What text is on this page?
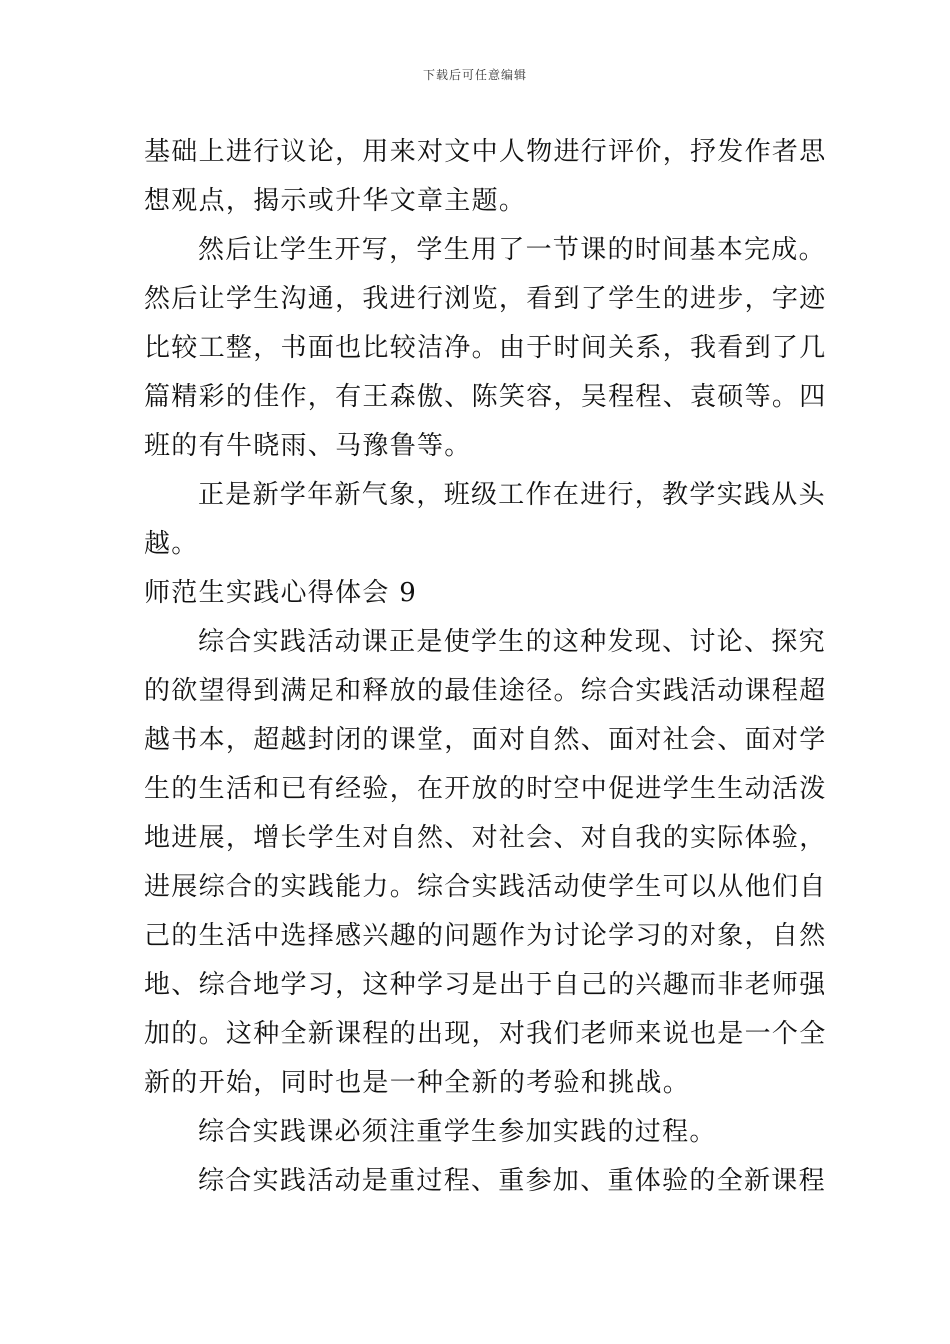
下载后可任意编辑
基础上进行议论，用来对文中人物进行评价，抒发作者思
想观点，揭示或升华文章主题。
然后让学生开写，学生用了一节课的时间基本完成。
然后让学生沟通，我进行浏览，看到了学生的进步，字迹
比较工整，书面也比较洁净。由于时间关系，我看到了几
篇精彩的佳作，有王森傲、陈笑容，吴程程、袁硕等。四
班的有牛晓雨、马豫鲁等。
正是新学年新气象，班级工作在进行，教学实践从头
越。
师范生实践心得体会 9
综合实践活动课正是使学生的这种发现、讨论、探究
的欲望得到满足和释放的最佳途径。综合实践活动课程超
越书本，超越封闭的课堂，面对自然、面对社会、面对学
生的生活和已有经验，在开放的时空中促进学生生动活泼
地进展，增长学生对自然、对社会、对自我的实际体验，
进展综合的实践能力。综合实践活动使学生可以从他们自
己的生活中选择感兴趣的问题作为讨论学习的对象，自然
地、综合地学习，这种学习是出于自己的兴趣而非老师强
加的。这种全新课程的出现，对我们老师来说也是一个全
新的开始，同时也是一种全新的考验和挑战。
综合实践课必须注重学生参加实践的过程。
综合实践活动是重过程、重参加、重体验的全新课程
